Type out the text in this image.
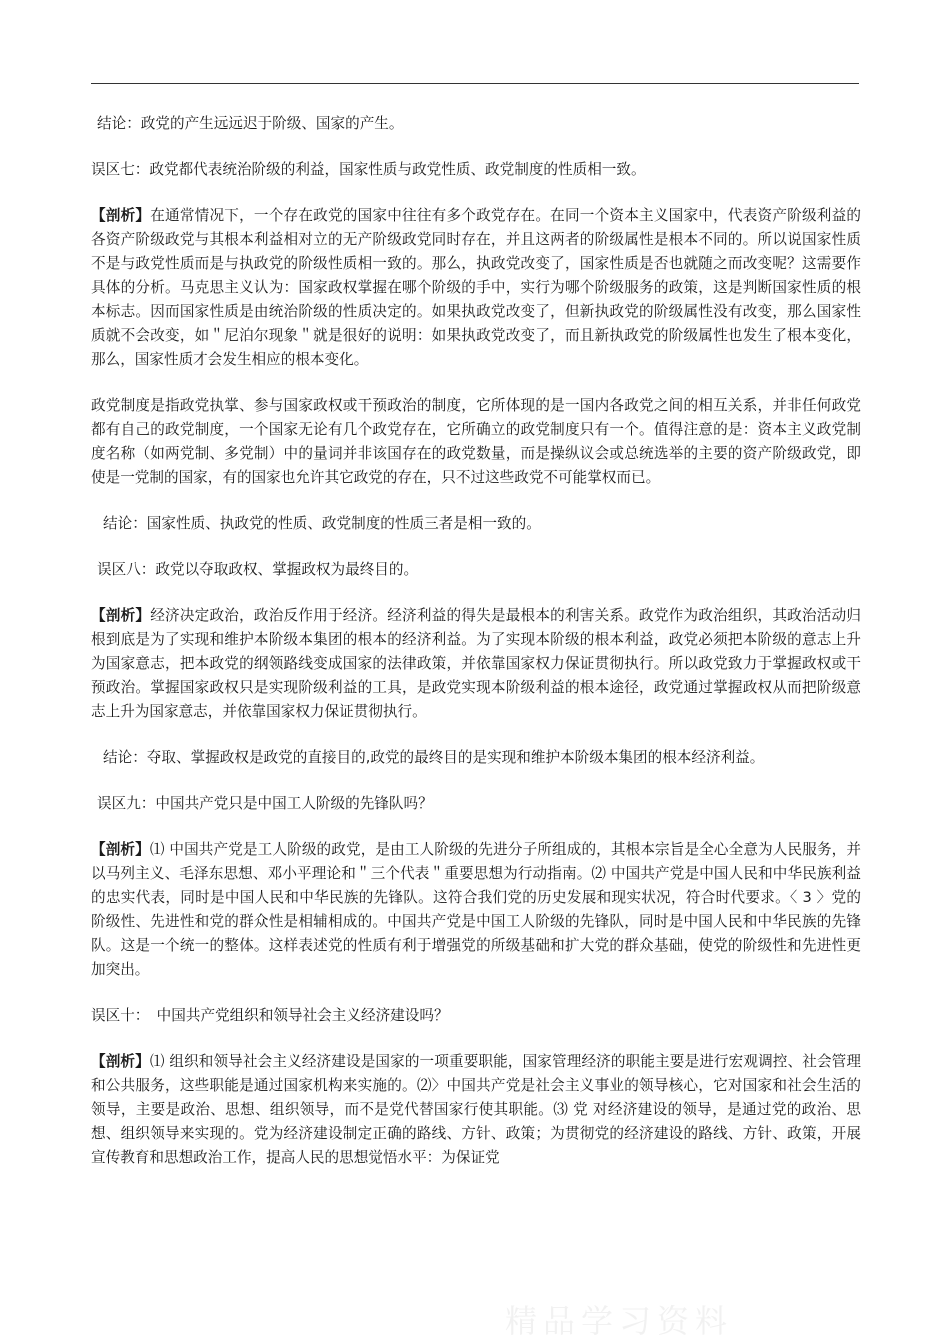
结论：政党的产生远远迟于阶级、国家的产生。

误区七：政党都代表统治阶级的利益，国家性质与政党性质、政党制度的性质相一致。

【剖析】在通常情况下，一个存在政党的国家中往往有多个政党存在。在同一个资本主义国家中，代表资产阶级利益的各资产阶级政党与其根本利益相对立的无产阶级政党同时存在，并且这两者的阶级属性是根本不同的。所以说国家性质不是与政党性质而是与执政党的阶级性质相一致的。那么，执政党改变了，国家性质是否也就随之而改变呢？这需要作具体的分析。马克思主义认为：国家政权掌握在哪个阶级的手中，实行为哪个阶级服务的政策，这是判断国家性质的根本标志。因而国家性质是由统治阶级的性质决定的。如果执政党改变了，但新执政党的阶级属性没有改变，那么国家性质就不会改变，如＂尼泊尔现象＂就是很好的说明：如果执政党改变了，而且新执政党的阶级属性也发生了根本变化，那么，国家性质才会发生相应的根本变化。

政党制度是指政党执掌、参与国家政权或干预政治的制度，它所体现的是一国内各政党之间的相互关系，并非任何政党都有自己的政党制度，一个国家无论有几个政党存在，它所确立的政党制度只有一个。值得注意的是：资本主义政党制度名称（如两党制、多党制）中的量词并非该国存在的政党数量，而是操纵议会或总统选举的主要的资产阶级政党，即使是一党制的国家，有的国家也允许其它政党的存在，只不过这些政党不可能掌权而已。

结论：国家性质、执政党的性质、政党制度的性质三者是相一致的。

误区八：政党以夺取政权、掌握政权为最终目的。

【剖析】经济决定政治，政治反作用于经济。经济利益的得失是最根本的利害关系。政党作为政治组织，其政治活动归根到底是为了实现和维护本阶级本集团的根本的经济利益。为了实现本阶级的根本利益，政党必须把本阶级的意志上升为国家意志，把本政党的纲领路线变成国家的法律政策，并依靠国家权力保证贯彻执行。所以政党致力于掌握政权或干预政治。掌握国家政权只是实现阶级利益的工具，是政党实现本阶级利益的根本途径，政党通过掌握政权从而把阶级意志上升为国家意志，并依靠国家权力保证贯彻执行。

结论：夺取、掌握政权是政党的直接目的,政党的最终目的是实现和维护本阶级本集团的根本经济利益。

误区九：中国共产党只是中国工人阶级的先锋队吗？

【剖析】⑴ 中国共产党是工人阶级的政党，是由工人阶级的先进分子所组成的，其根本宗旨是全心全意为人民服务，并以马列主义、毛泽东思想、邓小平理论和＂三个代表＂重要思想为行动指南。⑵ 中国共产党是中国人民和中华民族利益的忠实代表，同时是中国人民和中华民族的先锋队。这符合我们党的历史发展和现实状况，符合时代要求。〈 3 〉党的阶级性、先进性和党的群众性是相辅相成的。中国共产党是中国工人阶级的先锋队，同时是中国人民和中华民族的先锋队。这是一个统一的整体。这样表述党的性质有利于增强党的所级基础和扩大党的群众基础，使党的阶级性和先进性更加突出。

误区十：　中国共产党组织和领导社会主义经济建设吗？

【剖析】⑴ 组织和领导社会主义经济建设是国家的一项重要职能，国家管理经济的职能主要是进行宏观调控、社会管理和公共服务，这些职能是通过国家机构来实施的。⑵〉中国共产党是社会主义事业的领导核心，它对国家和社会生活的领导，主要是政治、思想、组织领导，而不是党代替国家行使其职能。⑶ 党 对经济建设的领导，是通过党的政治、思想、组织领导来实现的。党为经济建设制定正确的路线、方针、政策；为贯彻党的经济建设的路线、方针、政策，开展宣传教育和思想政治工作，提高人民的思想觉悟水平：为保证党

精品学习资料
